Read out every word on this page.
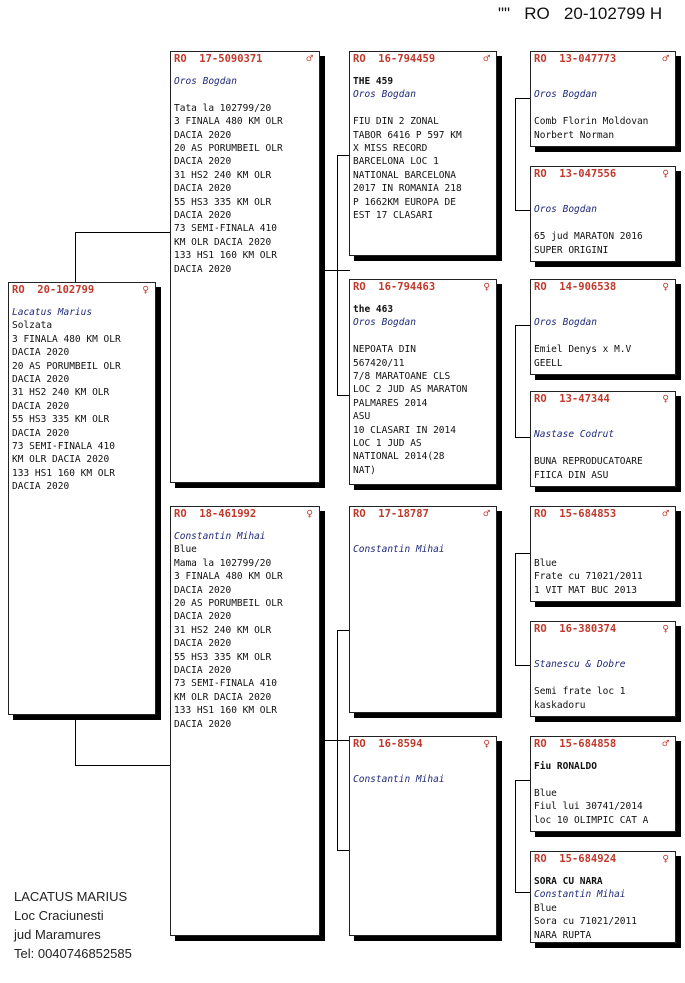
""   RO   20-102799 H
RO  20-102799	♀
Lacatus Marius
Solzata
3 FINALA 480 KM OLR
DACIA 2020
20 AS PORUMBEIL OLR
DACIA 2020
31 HS2 240 KM OLR
DACIA 2020
55 HS3 335 KM OLR
DACIA 2020
73 SEMI-FINALA 410
KM OLR DACIA 2020
133 HS1 160 KM OLR
DACIA 2020
RO  17-5090371	♂
Oros Bogdan
Tata la 102799/20
3 FINALA 480 KM OLR
DACIA 2020
20 AS PORUMBEIL OLR
DACIA 2020
31 HS2 240 KM OLR
DACIA 2020
55 HS3 335 KM OLR
DACIA 2020
73 SEMI-FINALA 410
KM OLR DACIA 2020
133 HS1 160 KM OLR
DACIA 2020
RO  18-461992	♀
Constantin Mihai
Blue
Mama la 102799/20
3 FINALA 480 KM OLR
DACIA 2020
20 AS PORUMBEIL OLR
DACIA 2020
31 HS2 240 KM OLR
DACIA 2020
55 HS3 335 KM OLR
DACIA 2020
73 SEMI-FINALA 410
KM OLR DACIA 2020
133 HS1 160 KM OLR
DACIA 2020
RO  16-794459	♂
THE 459
Oros Bogdan
FIU DIN 2 ZONAL
TABOR 6416 P 597 KM
X MISS RECORD
BARCELONA LOC 1
NATIONAL BARCELONA
2017 IN ROMANIA 218
P 1662KM EUROPA DE
EST 17 CLASARI
RO  16-794463	♀
the 463
Oros Bogdan
NEPOATA DIN
567420/11
7/8 MARATOANE CLS
LOC 2 JUD AS MARATON
PALMARES 2014
ASU
10 CLASARI IN 2014
LOC 1 JUD AS
NATIONAL 2014(28
NAT)
RO  17-18787	♂
Constantin Mihai
RO  16-8594	♀
Constantin Mihai
RO  13-047773	♂
Oros Bogdan
Comb Florin Moldovan
Norbert Norman
RO  13-047556	♀
Oros Bogdan
65 jud MARATON 2016
SUPER ORIGINI
RO  14-906538	♀
Oros Bogdan
Emiel Denys x M.V
GEELL
RO  13-47344	♀
Nastase Codrut
BUNA REPRODUCATOARE
FIICA DIN ASU
RO  15-684853	♂
Blue
Frate cu 71021/2011
1 VIT MAT BUC 2013
RO  16-380374	♀
Stanescu & Dobre
Semi frate loc 1
kaskadoru
RO  15-684858	♂
Fiu RONALDO
Blue
Fiul lui 30741/2014
loc 10 OLIMPIC CAT A
RO  15-684924	♀
SORA CU NARA
Constantin Mihai
Blue
Sora cu 71021/2011
NARA RUPTA
LACATUS MARIUS
Loc Craciunesti
jud Maramures
Tel: 0040746852585
